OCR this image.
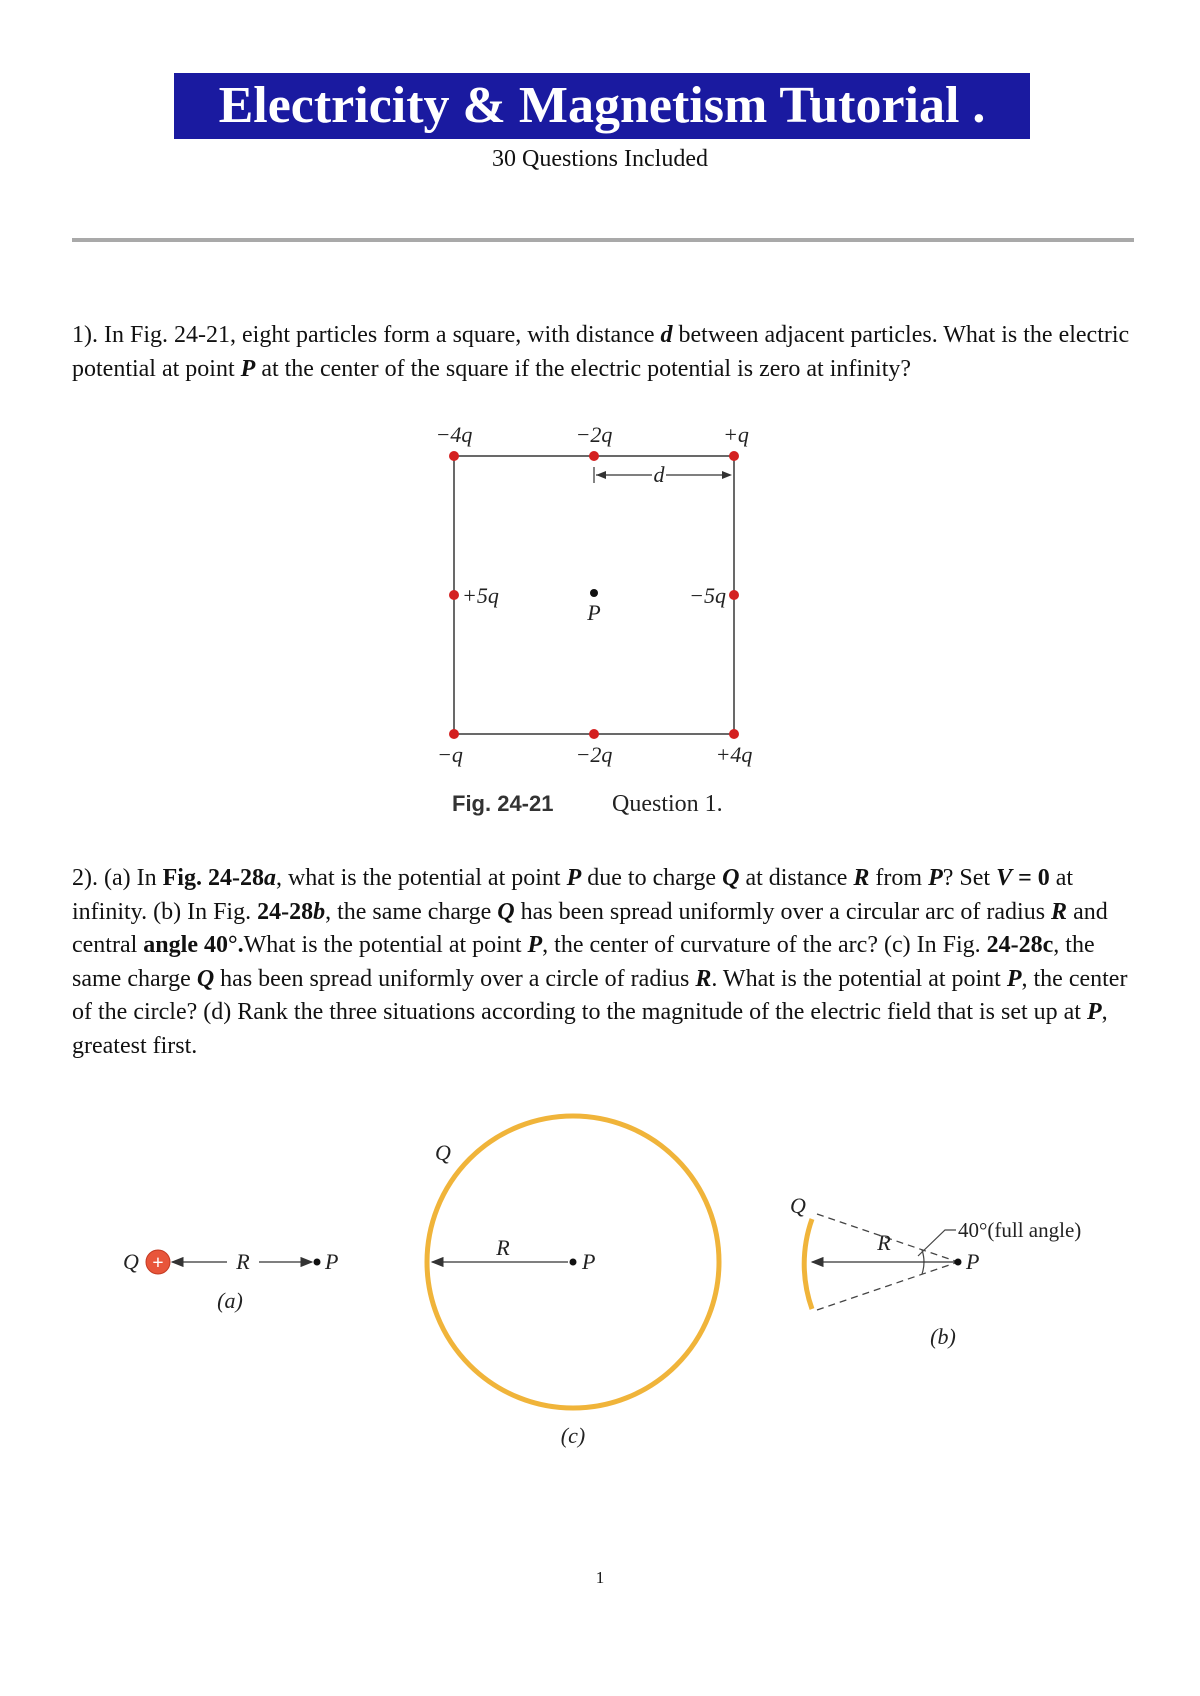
Electricity & Magnetism Tutorial .
30 Questions Included
1). In Fig. 24-21, eight particles form a square, with distance d between adjacent particles. What is the electric potential at point P at the center of the square if the electric potential is zero at infinity?
d
−4q	−2q	+q
+5q	−5q
P
−q	−2q	+4q
Fig. 24-21 Question 1.
2). (a) In Fig. 24-28a, what is the potential at point P due to charge Q at distance R from P? Set V = 0 at infinity. (b) In Fig. 24-28b, the same charge Q has been spread uniformly over a circular arc of radius R and central angle 40°.What is the potential at point P, the center of curvature of the arc? (c) In Fig. 24-28c, the same charge Q has been spread uniformly over a circle of radius R. What is the potential at point P, the center of the circle? (d) Rank the three situations according to the magnitude of the electric field that is set up at P, greatest first.
Q +	R	P
(a)
Q
R
P
(c)
Q
R
P
40°(full angle)
(b)
1
